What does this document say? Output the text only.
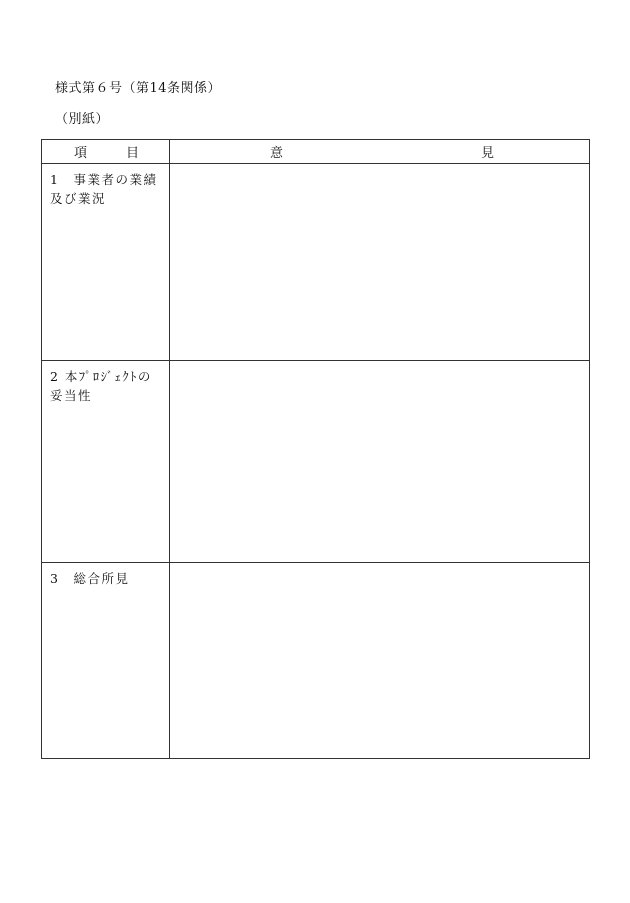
様式第６号（第14条関係）
（別紙）
項 目	意 見

1　事業者の業績及び業況	

2 本ﾌﾟﾛｼﾞｪｸﾄの妥当性	

3　総合所見	
